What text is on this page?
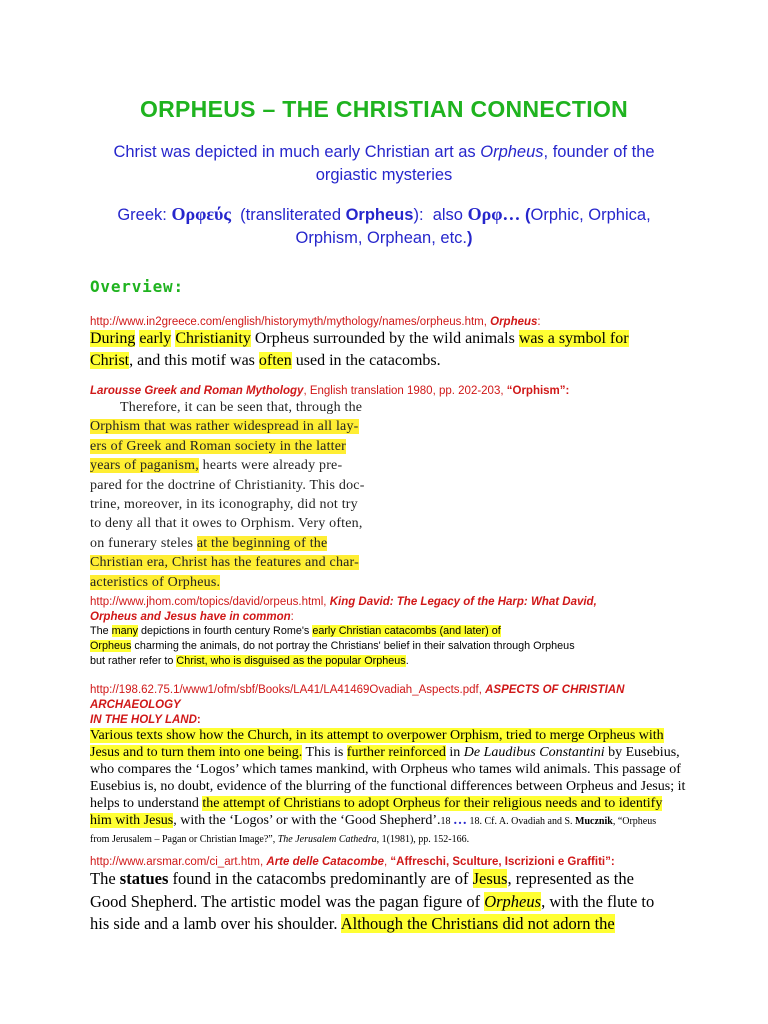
ORPHEUS – THE CHRISTIAN CONNECTION
Christ was depicted in much early Christian art as Orpheus, founder of the
orgiastic mysteries
Greek: Ορφεύς  (transliterated Orpheus):  also Ορφ… (Orphic, Orphica,
Orphism, Orphean, etc.)
Overview:
http://www.in2greece.com/english/historymyth/mythology/names/orpheus.htm, Orpheus:
During early Christianity Orpheus surrounded by the wild animals was a symbol for
Christ, and this motif was often used in the catacombs.
Larousse Greek and Roman Mythology, English translation 1980, pp. 202-203, “Orphism”:
Therefore, it can be seen that, through the
Orphism that was rather widespread in all lay-
ers of Greek and Roman society in the latter
years of paganism, hearts were already pre-
pared for the doctrine of Christianity. This doc-
trine, moreover, in its iconography, did not try
to deny all that it owes to Orphism. Very often,
on funerary steles at the beginning of the
Christian era, Christ has the features and char-
acteristics of Orpheus.
http://www.jhom.com/topics/david/orpeus.html, King David: The Legacy of the Harp: What David,
Orpheus and Jesus have in common:
The many depictions in fourth century Rome's early Christian catacombs (and later) of
Orpheus charming the animals, do not portray the Christians' belief in their salvation through Orpheus
but rather refer to Christ, who is disguised as the popular Orpheus.
http://198.62.75.1/www1/ofm/sbf/Books/LA41/LA41469Ovadiah_Aspects.pdf, ASPECTS OF CHRISTIAN
ARCHAEOLOGY
IN THE HOLY LAND:
Various texts show how the Church, in its attempt to overpower Orphism, tried to merge Orpheus with
Jesus and to turn them into one being. This is further reinforced in De Laudibus Constantini by Eusebius,
who compares the ‘Logos’ which tames mankind, with Orpheus who tames wild animals. This passage of
Eusebius is, no doubt, evidence of the blurring of the functional differences between Orpheus and Jesus; it
helps to understand the attempt of Christians to adopt Orpheus for their religious needs and to identify
him with Jesus, with the ‘Logos’ or with the ‘Good Shepherd’.18 … 18. Cf. A. Ovadiah and S. Mucznik, “Orpheus
from Jerusalem – Pagan or Christian Image?”, The Jerusalem Cathedra, 1(1981), pp. 152-166.
http://www.arsmar.com/ci_art.htm, Arte delle Catacombe, “Affreschi, Sculture, Iscrizioni e Graffiti”:
The statues found in the catacombs predominantly are of Jesus, represented as the
Good Shepherd. The artistic model was the pagan figure of Orpheus, with the flute to
his side and a lamb over his shoulder. Although the Christians did not adorn the
